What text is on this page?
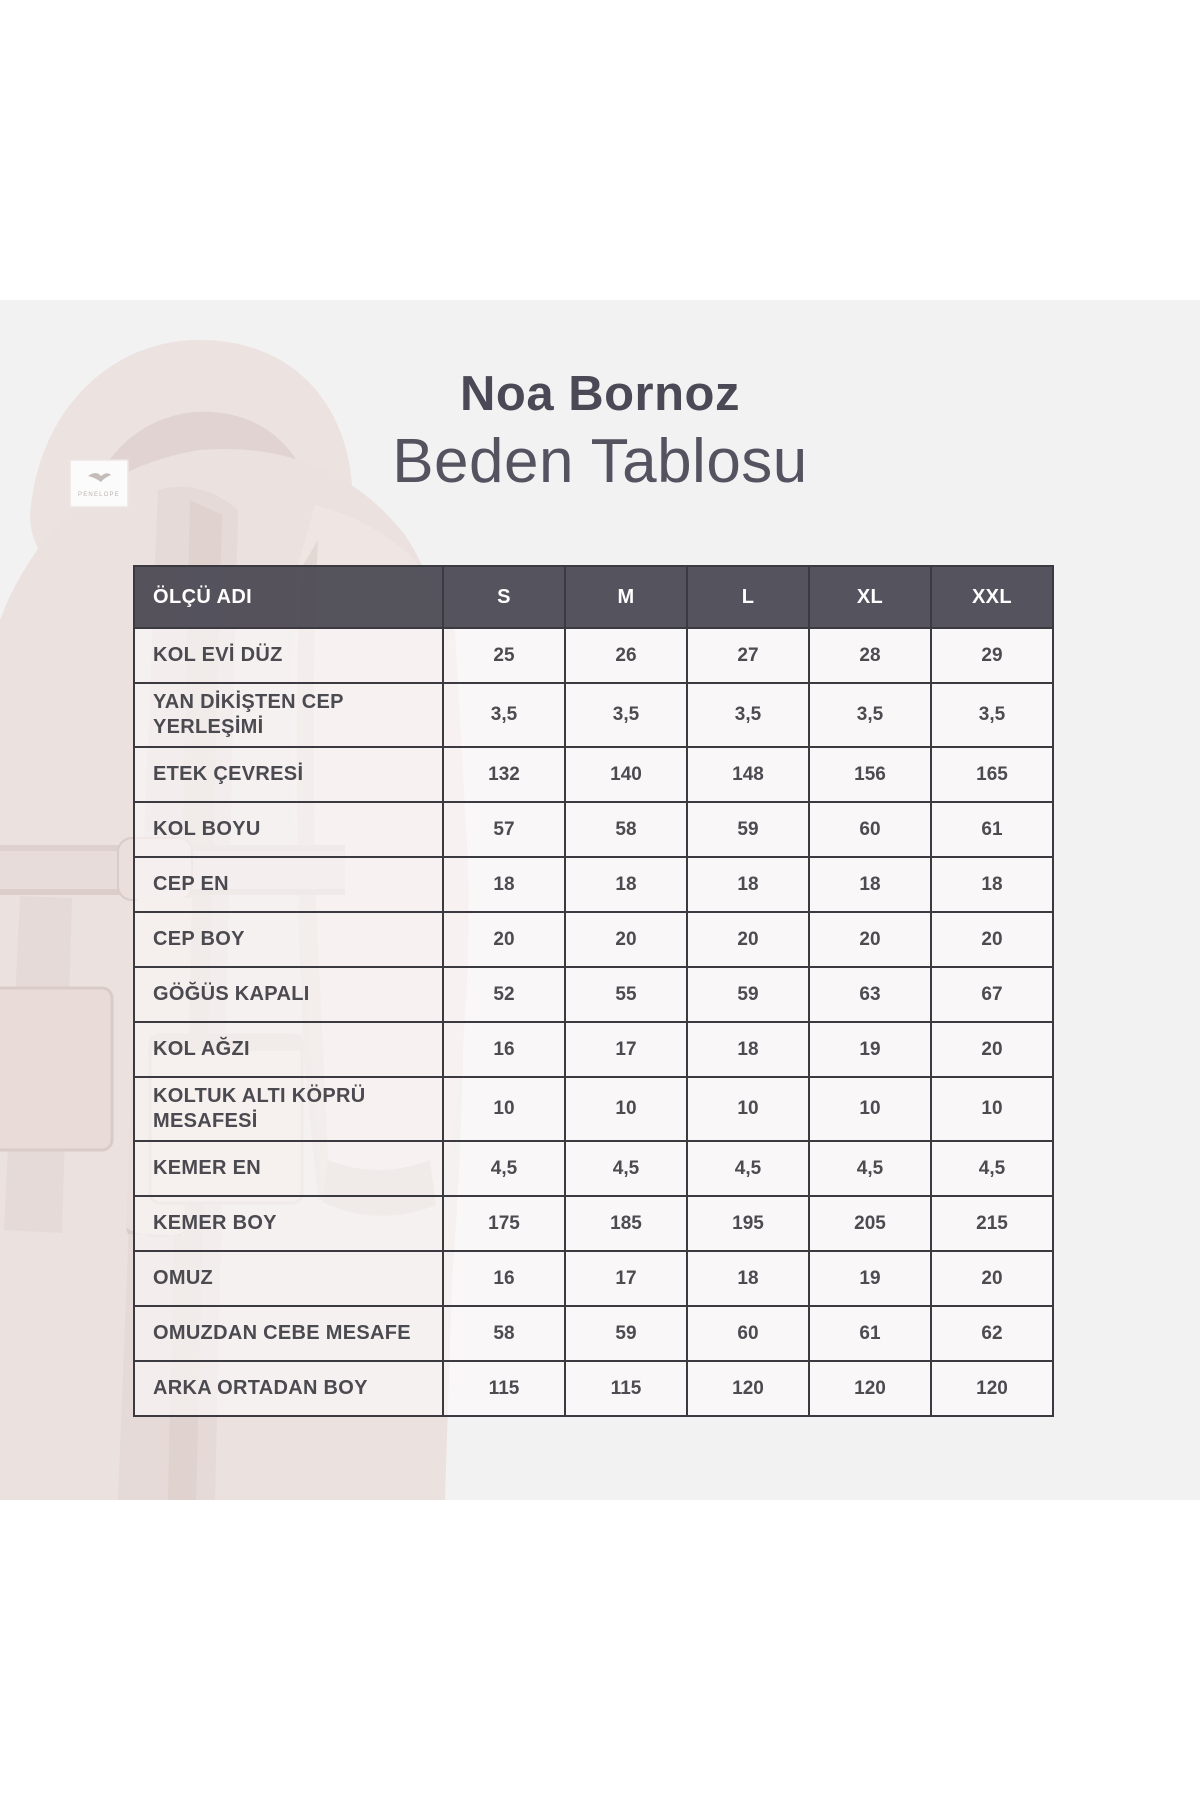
PENELOPE
Noa Bornoz
Beden Tablosu
ÖLÇÜ ADI	S	M	L	XL	XXL
KOL EVİ DÜZ	25	26	27	28	29
YAN DİKİŞTEN CEP YERLEŞİMİ	3,5	3,5	3,5	3,5	3,5
ETEK ÇEVRESİ	132	140	148	156	165
KOL BOYU	57	58	59	60	61
CEP EN	18	18	18	18	18
CEP BOY	20	20	20	20	20
GÖĞÜS KAPALI	52	55	59	63	67
KOL AĞZI	16	17	18	19	20
KOLTUK ALTI KÖPRÜ MESAFESİ	10	10	10	10	10
KEMER EN	4,5	4,5	4,5	4,5	4,5
KEMER BOY	175	185	195	205	215
OMUZ	16	17	18	19	20
OMUZDAN CEBE MESAFE	58	59	60	61	62
ARKA ORTADAN BOY	115	115	120	120	120
